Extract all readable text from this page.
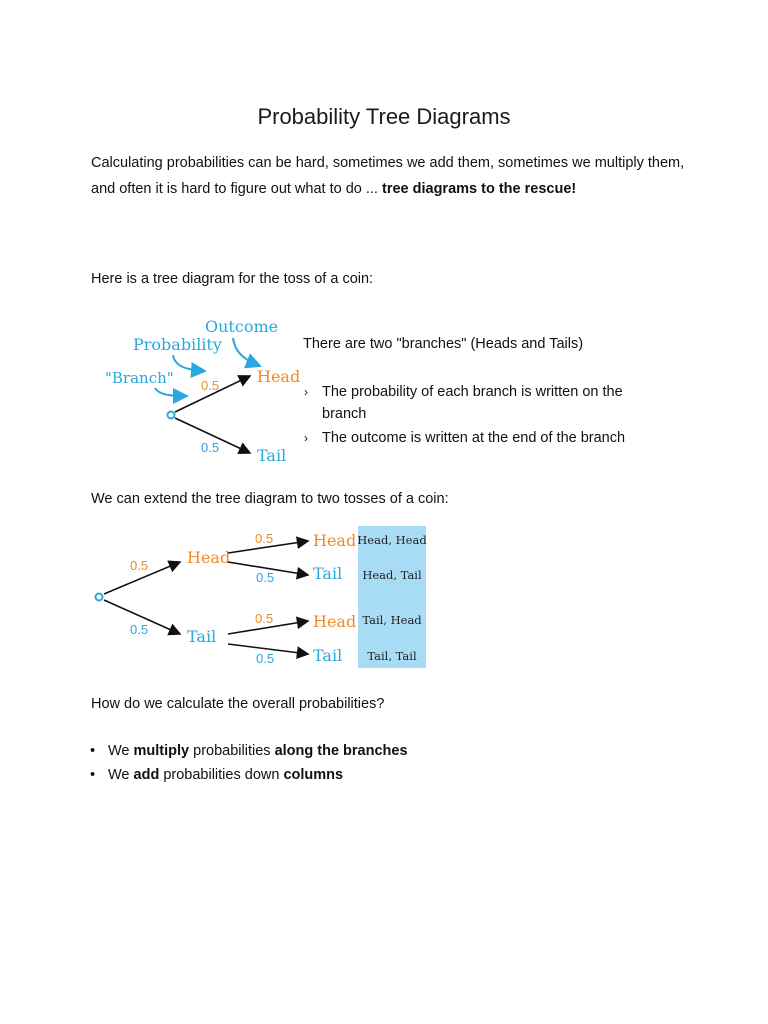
Probability Tree Diagrams
Calculating probabilities can be hard, sometimes we add them, sometimes we multiply them, and often it is hard to figure out what to do ... tree diagrams to the rescue!
Here is a tree diagram for the toss of a coin:
Outcome
Probability
"Branch" 0.5
0.5
Head
Tail
There are two "branches" (Heads and Tails)
› The probability of each branch is written on the branch
› The outcome is written at the end of the branch
We can extend the tree diagram to two tosses of a coin:
0.5
0.5
Head
Tail
0.5
0.5
0.5
0.5
Head
Tail
Head
Tail
Head, Head
Head, Tail
Tail, Head
Tail, Tail
How do we calculate the overall probabilities?
• We multiply probabilities along the branches
• We add probabilities down columns
